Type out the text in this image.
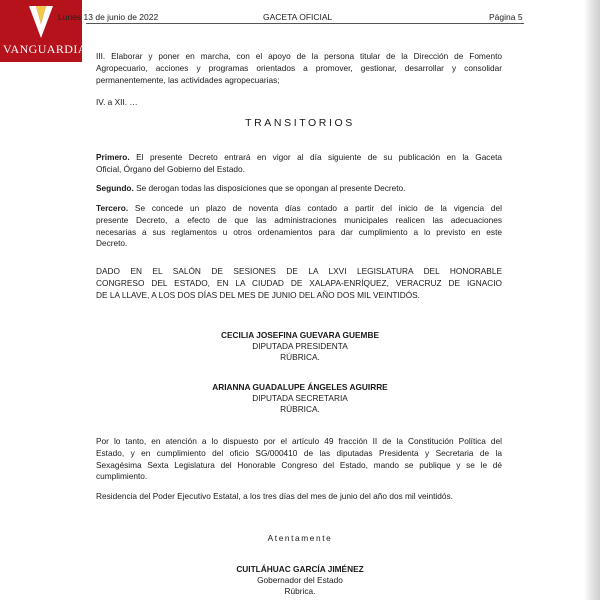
VANGUARDIA
Lunes 13 de junio de 2022	GACETA OFICIAL	Página 5
III. Elaborar y poner en marcha, con el apoyo de la persona titular de la Dirección de Fomento
Agropecuario, acciones y programas orientados a promover, gestionar, desarrollar y consolidar
permanentemente, las actividades agropecuarias;
IV. a XII. …
TRANSITORIOS
Primero. El presente Decreto entrará en vigor al día siguiente de su publicación en la Gaceta
Oficial, Órgano del Gobierno del Estado.
Segundo. Se derogan todas las disposiciones que se opongan al presente Decreto.
Tercero. Se concede un plazo de noventa días contado a partir del inicio de la vigencia del
presente Decreto, a efecto de que las administraciones municipales realicen las adecuaciones
necesarias a sus reglamentos u otros ordenamientos para dar cumplimiento a lo previsto en este
Decreto.
DADO EN EL SALÓN DE SESIONES DE LA LXVI LEGISLATURA DEL HONORABLE
CONGRESO DEL ESTADO, EN LA CIUDAD DE XALAPA-ENRÍQUEZ, VERACRUZ DE IGNACIO
DE LA LLAVE, A LOS DOS DÍAS DEL MES DE JUNIO DEL AÑO DOS MIL VEINTIDÓS.
CECILIA JOSEFINA GUEVARA GUEMBE
DIPUTADA PRESIDENTA
RÚBRICA.
ARIANNA GUADALUPE ÁNGELES AGUIRRE
DIPUTADA SECRETARIA
RÚBRICA.
Por lo tanto, en atención a lo dispuesto por el artículo 49 fracción II de la Constitución Política del
Estado, y en cumplimiento del oficio SG/000410 de las diputadas Presidenta y Secretaria de la
Sexagésima Sexta Legislatura del Honorable Congreso del Estado, mando se publique y se le dé
cumplimiento.
Residencia del Poder Ejecutivo Estatal, a los tres días del mes de junio del año dos mil veintidós.
Atentamente
CUITLÁHUAC GARCÍA JIMÉNEZ
Gobernador del Estado
Rúbrica.
